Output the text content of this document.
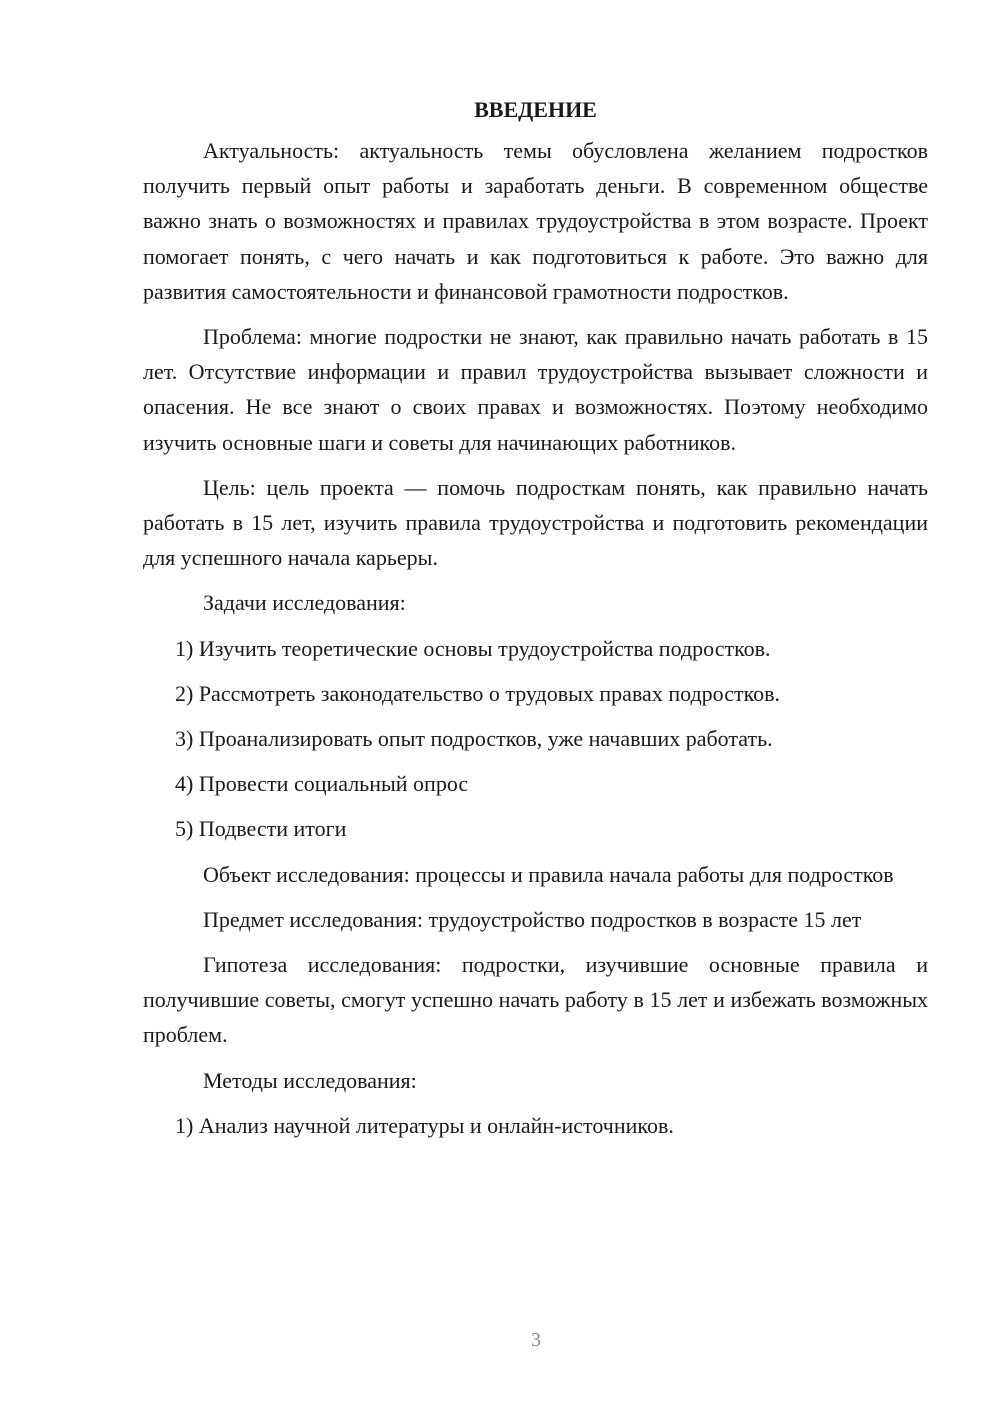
ВВЕДЕНИЕ

Актуальность: актуальность темы обусловлена желанием подростков получить первый опыт работы и заработать деньги. В современном обществе важно знать о возможностях и правилах трудоустройства в этом возрасте. Проект помогает понять, с чего начать и как подготовиться к работе. Это важно для развития самостоятельности и финансовой грамотности подростков.

Проблема: многие подростки не знают, как правильно начать работать в 15 лет. Отсутствие информации и правил трудоустройства вызывает сложности и опасения. Не все знают о своих правах и возможностях. Поэтому необходимо изучить основные шаги и советы для начинающих работников.

Цель: цель проекта — помочь подросткам понять, как правильно начать работать в 15 лет, изучить правила трудоустройства и подготовить рекомендации для успешного начала карьеры.

Задачи исследования:

1) Изучить теоретические основы трудоустройства подростков.

2) Рассмотреть законодательство о трудовых правах подростков.

3) Проанализировать опыт подростков, уже начавших работать.

4) Провести социальный опрос

5) Подвести итоги

Объект исследования: процессы и правила начала работы для подростков

Предмет исследования: трудоустройство подростков в возрасте 15 лет

Гипотеза исследования: подростки, изучившие основные правила и получившие советы, смогут успешно начать работу в 15 лет и избежать возможных проблем.

Методы исследования:

1) Анализ научной литературы и онлайн-источников.

3
